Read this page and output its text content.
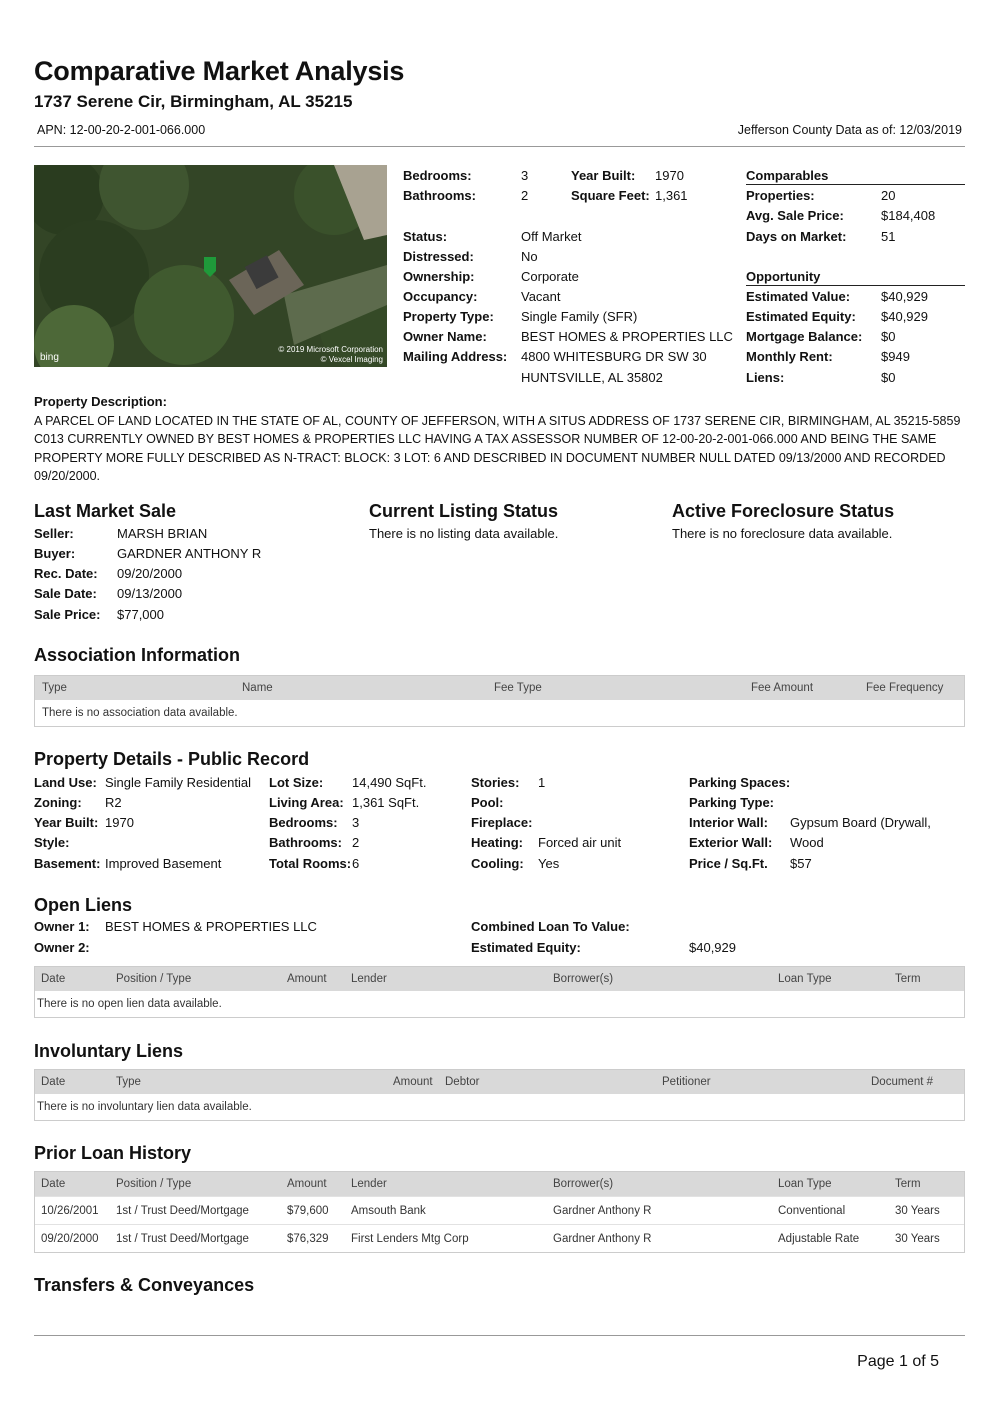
Comparative Market Analysis
1737 Serene Cir, Birmingham, AL 35215
APN: 12-00-20-2-001-066.000	Jefferson County Data as of: 12/03/2019
bing
© 2019 Microsoft Corporation
© Vexcel Imaging
Bedrooms:	3	Year Built: 1970
Bathrooms:	2	Square Feet: 1,361
Status:	Off Market
Distressed:	No
Ownership:	Corporate
Occupancy:	Vacant
Property Type: Single Family (SFR)
Owner Name:	BEST HOMES & PROPERTIES LLC
Mailing Address: 4800 WHITESBURG DR SW 30
HUNTSVILLE, AL 35802
Comparables
Properties:	20
Avg. Sale Price:	$184,408
Days on Market:	51
Opportunity
Estimated Value: $40,929
Estimated Equity: $40,929
Mortgage Balance: $0
Monthly Rent:	$949
Liens:	$0
Property Description:
A PARCEL OF LAND LOCATED IN THE STATE OF AL, COUNTY OF JEFFERSON, WITH A SITUS ADDRESS OF 1737 SERENE CIR, BIRMINGHAM, AL 35215-5859 C013 CURRENTLY OWNED BY BEST HOMES & PROPERTIES LLC HAVING A TAX ASSESSOR NUMBER OF 12-00-20-2-001-066.000 AND BEING THE SAME PROPERTY MORE FULLY DESCRIBED AS N-TRACT: BLOCK: 3 LOT: 6 AND DESCRIBED IN DOCUMENT NUMBER NULL DATED 09/13/2000 AND RECORDED 09/20/2000.
Last Market Sale
Seller:	MARSH BRIAN
Buyer:	GARDNER ANTHONY R
Rec. Date: 09/20/2000
Sale Date: 09/13/2000
Sale Price: $77,000
Current Listing Status
There is no listing data available.
Active Foreclosure Status
There is no foreclosure data available.
Association Information
Type	Name	Fee Type	Fee Amount	Fee Frequency
There is no association data available.
Property Details - Public Record
Land Use: Single Family Residential
Zoning: R2
Year Built: 1970
Style:
Basement: Improved Basement
Lot Size: 14,490 SqFt.
Living Area: 1,361 SqFt.
Bedrooms: 3
Bathrooms: 2
Total Rooms: 6
Stories: 1
Pool:
Fireplace:
Heating: Forced air unit
Cooling: Yes
Parking Spaces:
Parking Type:
Interior Wall: Gypsum Board (Drywall,
Exterior Wall: Wood
Price / Sq.Ft. $57
Open Liens
Owner 1: BEST HOMES & PROPERTIES LLC
Owner 2:
Combined Loan To Value:
Estimated Equity:	$40,929
Date	Position / Type	Amount Lender	Borrower(s)	Loan Type	Term
There is no open lien data available.
Involuntary Liens
Date	Type	Amount Debtor	Petitioner	Document #
There is no involuntary lien data available.
Prior Loan History
Date	Position / Type	Amount Lender	Borrower(s)	Loan Type	Term
10/26/2001 1st / Trust Deed/Mortgage	$79,600 Amsouth Bank	Gardner Anthony R	Conventional	30 Years
09/20/2000 1st / Trust Deed/Mortgage	$76,329 First Lenders Mtg Corp	Gardner Anthony R	Adjustable Rate	30 Years
Transfers & Conveyances
Page 1 of 5
